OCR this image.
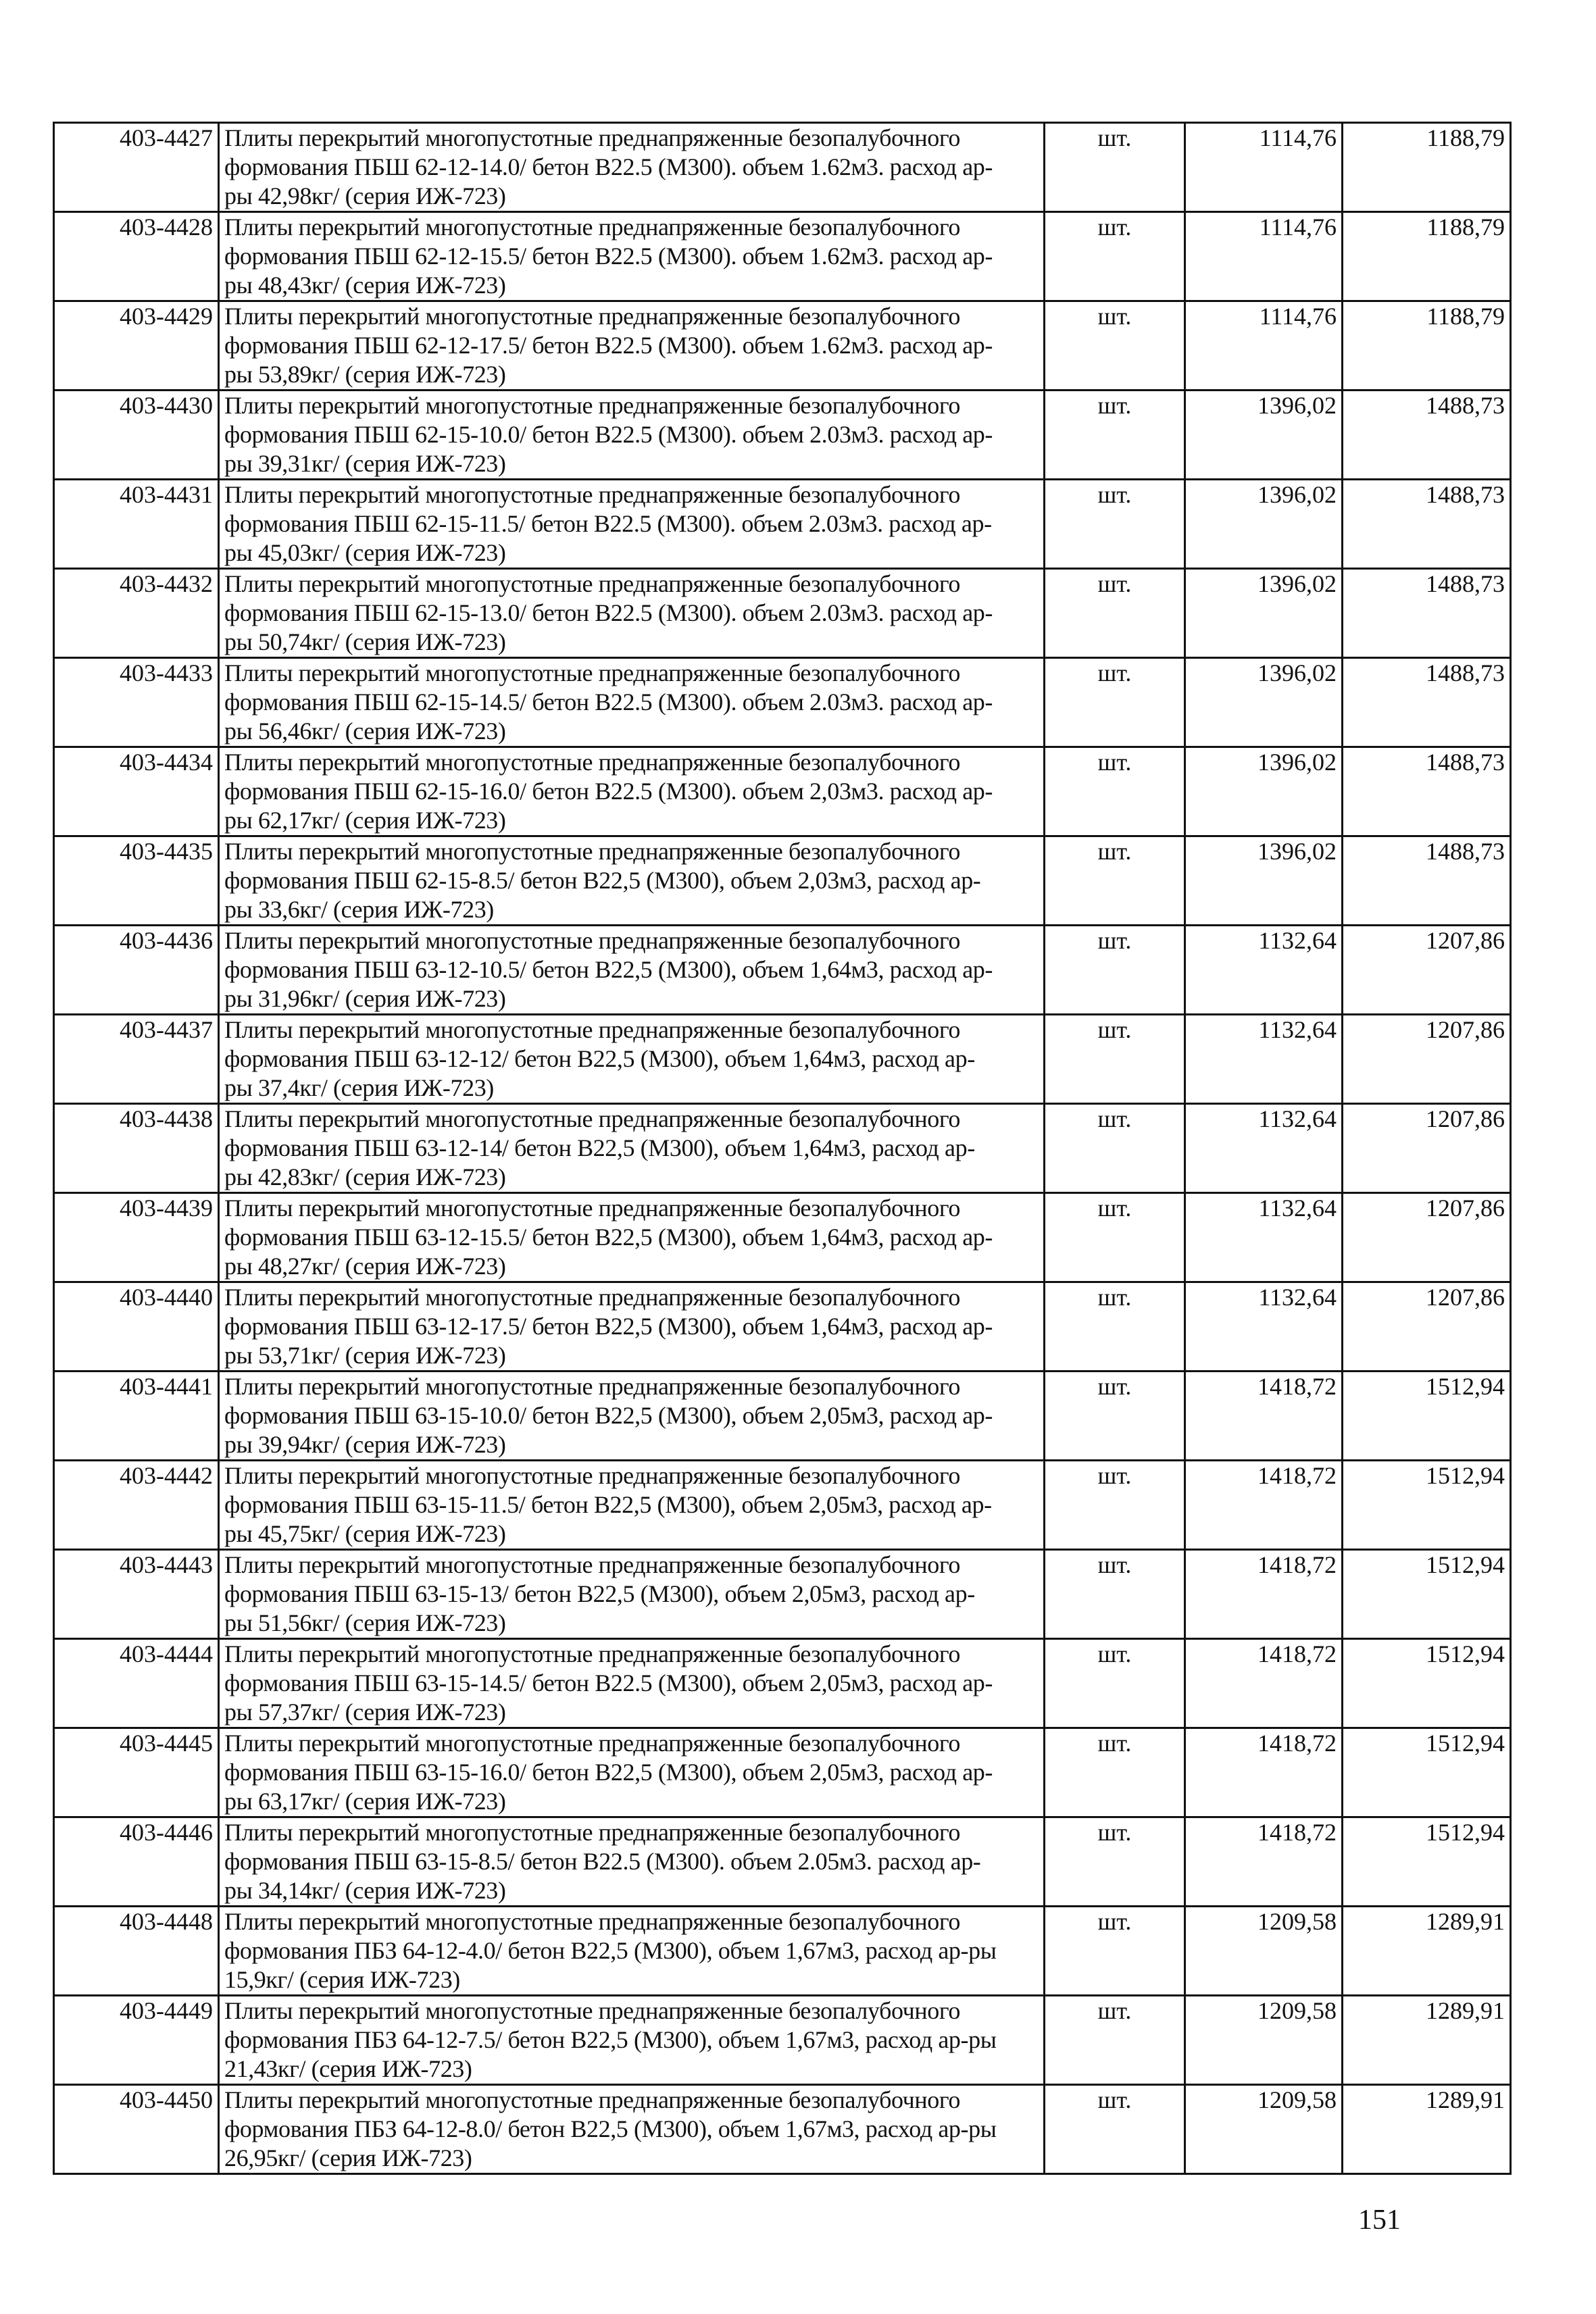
403-4427	Плиты перекрытий многопустотные преднапряженные безопалубочного
формования ПБШ 62-12-14.0/ бетон В22.5 (М300). объем 1.62м3. расход ар-
ры 42,98кг/ (серия ИЖ-723)	шт.	1114,76	1188,79
403-4428	Плиты перекрытий многопустотные преднапряженные безопалубочного
формования ПБШ 62-12-15.5/ бетон В22.5 (М300). объем 1.62м3. расход ар-
ры 48,43кг/ (серия ИЖ-723)	шт.	1114,76	1188,79
403-4429	Плиты перекрытий многопустотные преднапряженные безопалубочного
формования ПБШ 62-12-17.5/ бетон В22.5 (М300). объем 1.62м3. расход ар-
ры 53,89кг/ (серия ИЖ-723)	шт.	1114,76	1188,79
403-4430	Плиты перекрытий многопустотные преднапряженные безопалубочного
формования ПБШ 62-15-10.0/ бетон В22.5 (М300). объем 2.03м3. расход ар-
ры 39,31кг/ (серия ИЖ-723)	шт.	1396,02	1488,73
403-4431	Плиты перекрытий многопустотные преднапряженные безопалубочного
формования ПБШ 62-15-11.5/ бетон В22.5 (М300). объем 2.03м3. расход ар-
ры 45,03кг/ (серия ИЖ-723)	шт.	1396,02	1488,73
403-4432	Плиты перекрытий многопустотные преднапряженные безопалубочного
формования ПБШ 62-15-13.0/ бетон В22.5 (М300). объем 2.03м3. расход ар-
ры 50,74кг/ (серия ИЖ-723)	шт.	1396,02	1488,73
403-4433	Плиты перекрытий многопустотные преднапряженные безопалубочного
формования ПБШ 62-15-14.5/ бетон В22.5 (М300). объем 2.03м3. расход ар-
ры 56,46кг/ (серия ИЖ-723)	шт.	1396,02	1488,73
403-4434	Плиты перекрытий многопустотные преднапряженные безопалубочного
формования ПБШ 62-15-16.0/ бетон В22.5 (М300). объем 2,03м3. расход ар-
ры 62,17кг/ (серия ИЖ-723)	шт.	1396,02	1488,73
403-4435	Плиты перекрытий многопустотные преднапряженные безопалубочного
формования ПБШ 62-15-8.5/ бетон В22,5 (М300), объем 2,03м3, расход ар-
ры 33,6кг/ (серия ИЖ-723)	шт.	1396,02	1488,73
403-4436	Плиты перекрытий многопустотные преднапряженные безопалубочного
формования ПБШ 63-12-10.5/ бетон В22,5 (М300), объем 1,64м3, расход ар-
ры 31,96кг/ (серия ИЖ-723)	шт.	1132,64	1207,86
403-4437	Плиты перекрытий многопустотные преднапряженные безопалубочного
формования ПБШ 63-12-12/ бетон В22,5 (М300), объем 1,64м3, расход ар-
ры 37,4кг/ (серия ИЖ-723)	шт.	1132,64	1207,86
403-4438	Плиты перекрытий многопустотные преднапряженные безопалубочного
формования ПБШ 63-12-14/ бетон В22,5 (М300), объем 1,64м3, расход ар-
ры 42,83кг/ (серия ИЖ-723)	шт.	1132,64	1207,86
403-4439	Плиты перекрытий многопустотные преднапряженные безопалубочного
формования ПБШ 63-12-15.5/ бетон В22,5 (М300), объем 1,64м3, расход ар-
ры 48,27кг/ (серия ИЖ-723)	шт.	1132,64	1207,86
403-4440	Плиты перекрытий многопустотные преднапряженные безопалубочного
формования ПБШ 63-12-17.5/ бетон В22,5 (М300), объем 1,64м3, расход ар-
ры 53,71кг/ (серия ИЖ-723)	шт.	1132,64	1207,86
403-4441	Плиты перекрытий многопустотные преднапряженные безопалубочного
формования ПБШ 63-15-10.0/ бетон В22,5 (М300), объем 2,05м3, расход ар-
ры 39,94кг/ (серия ИЖ-723)	шт.	1418,72	1512,94
403-4442	Плиты перекрытий многопустотные преднапряженные безопалубочного
формования ПБШ 63-15-11.5/ бетон В22,5 (М300), объем 2,05м3, расход ар-
ры 45,75кг/ (серия ИЖ-723)	шт.	1418,72	1512,94
403-4443	Плиты перекрытий многопустотные преднапряженные безопалубочного
формования ПБШ 63-15-13/ бетон В22,5 (М300), объем 2,05м3, расход ар-
ры 51,56кг/ (серия ИЖ-723)	шт.	1418,72	1512,94
403-4444	Плиты перекрытий многопустотные преднапряженные безопалубочного
формования ПБШ 63-15-14.5/ бетон В22.5 (М300), объем 2,05м3, расход ар-
ры 57,37кг/ (серия ИЖ-723)	шт.	1418,72	1512,94
403-4445	Плиты перекрытий многопустотные преднапряженные безопалубочного
формования ПБШ 63-15-16.0/ бетон В22,5 (М300), объем 2,05м3, расход ар-
ры 63,17кг/ (серия ИЖ-723)	шт.	1418,72	1512,94
403-4446	Плиты перекрытий многопустотные преднапряженные безопалубочного
формования ПБШ 63-15-8.5/ бетон В22.5 (М300). объем 2.05м3. расход ар-
ры 34,14кг/ (серия ИЖ-723)	шт.	1418,72	1512,94
403-4448	Плиты перекрытий многопустотные преднапряженные безопалубочного
формования ПБЗ 64-12-4.0/ бетон В22,5 (М300), объем 1,67м3, расход ар-ры
15,9кг/ (серия ИЖ-723)	шт.	1209,58	1289,91
403-4449	Плиты перекрытий многопустотные преднапряженные безопалубочного
формования ПБЗ 64-12-7.5/ бетон В22,5 (М300), объем 1,67м3, расход ар-ры
21,43кг/ (серия ИЖ-723)	шт.	1209,58	1289,91
403-4450	Плиты перекрытий многопустотные преднапряженные безопалубочного
формования ПБЗ 64-12-8.0/ бетон В22,5 (М300), объем 1,67м3, расход ар-ры
26,95кг/ (серия ИЖ-723)	шт.	1209,58	1289,91
151
